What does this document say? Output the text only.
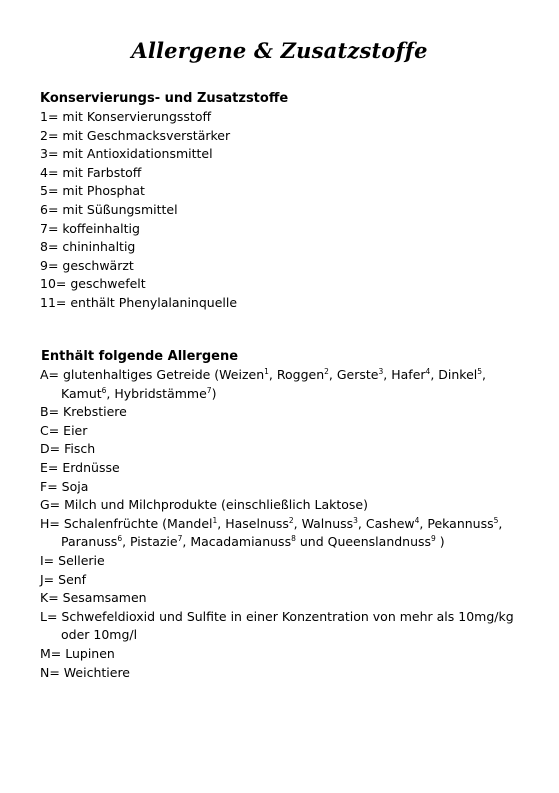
Allergene & Zusatzstoffe
Konservierungs- und Zusatzstoffe
1= mit Konservierungsstoff
2= mit Geschmacksverstärker
3= mit Antioxidationsmittel
4= mit Farbstoff
5= mit Phosphat
6= mit Süßungsmittel
7= koffeinhaltig
8= chininhaltig
9= geschwärzt
10= geschwefelt
11= enthält Phenylalaninquelle
Enthält folgende Allergene
A= glutenhaltiges Getreide (Weizen$^1$, Roggen$^2$, Gerste$^3$, Hafer$^4$, Dinkel$^5$,
Kamut$^6$, Hybridstämme$^7$)
B= Krebstiere
C= Eier
D= Fisch
E= Erdnüsse
F= Soja
G= Milch und Milchprodukte (einschließlich Laktose)
H= Schalenfrüchte (Mandel$^1$, Haselnuss$^2$, Walnuss$^3$, Cashew$^4$, Pekannuss$^5$,
Paranuss$^6$, Pistazie$^7$, Macadamianuss$^8$ und Queenslandnuss$^9$ )
I= Sellerie
J= Senf
K= Sesamsamen
L= Schwefeldioxid und Sulfite in einer Konzentration von mehr als 10mg/kg
oder 10mg/l
M= Lupinen
N= Weichtiere
